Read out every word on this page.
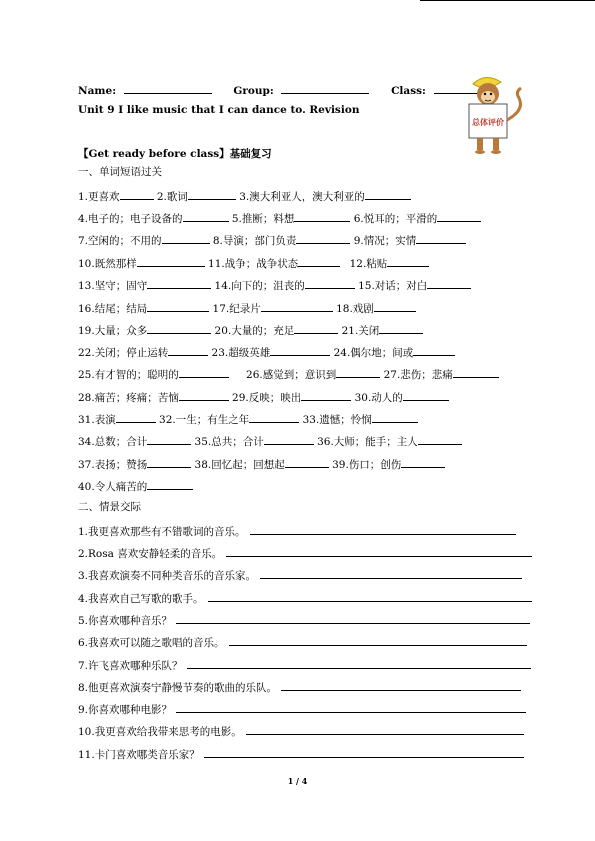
Name:	Group:	Class:
Unit 9 I like music that I can dance to. Revision
总体评价
【Get ready before class】基础复习
一、单词短语过关
1.更喜欢	2.歌词	3.澳大利亚人，澳大利亚的
4.电子的；电子设备的	5.推断；料想	6.悦耳的；平滑的
7.空闲的；不用的	8.导演；部门负责	9.情况；实情
10.既然那样	11.战争；战争状态	12.粘贴
13.坚守；固守	14.向下的；沮丧的	15.对话；对白
16.结尾；结局	17.纪录片	18.戏剧
19.大量；众多	20.大量的；充足	21.关闭
22.关闭；停止运转	23.超级英雄	24.偶尔地；间或
25.有才智的；聪明的	26.感觉到；意识到	27.悲伤；悲痛
28.痛苦；疼痛；苦恼	29.反映；映出	30.动人的
31.表演	32.一生；有生之年	33.遗憾；怜悯
34.总数；合计	35.总共；合计	36.大师；能手；主人
37.表扬；赞扬	38.回忆起；回想起	39.伤口；创伤
40.令人痛苦的
二、情景交际
1.我更喜欢那些有不错歌词的音乐。
2.Rosa 喜欢安静轻柔的音乐。
3.我喜欢演奏不同种类音乐的音乐家。
4.我喜欢自己写歌的歌手。
5.你喜欢哪种音乐？
6.我喜欢可以随之歌唱的音乐。
7.许飞喜欢哪种乐队？
8.他更喜欢演奏宁静慢节奏的歌曲的乐队。
9.你喜欢哪种电影？
10.我更喜欢给我带来思考的电影。
11.卡门喜欢哪类音乐家？
1 / 4
